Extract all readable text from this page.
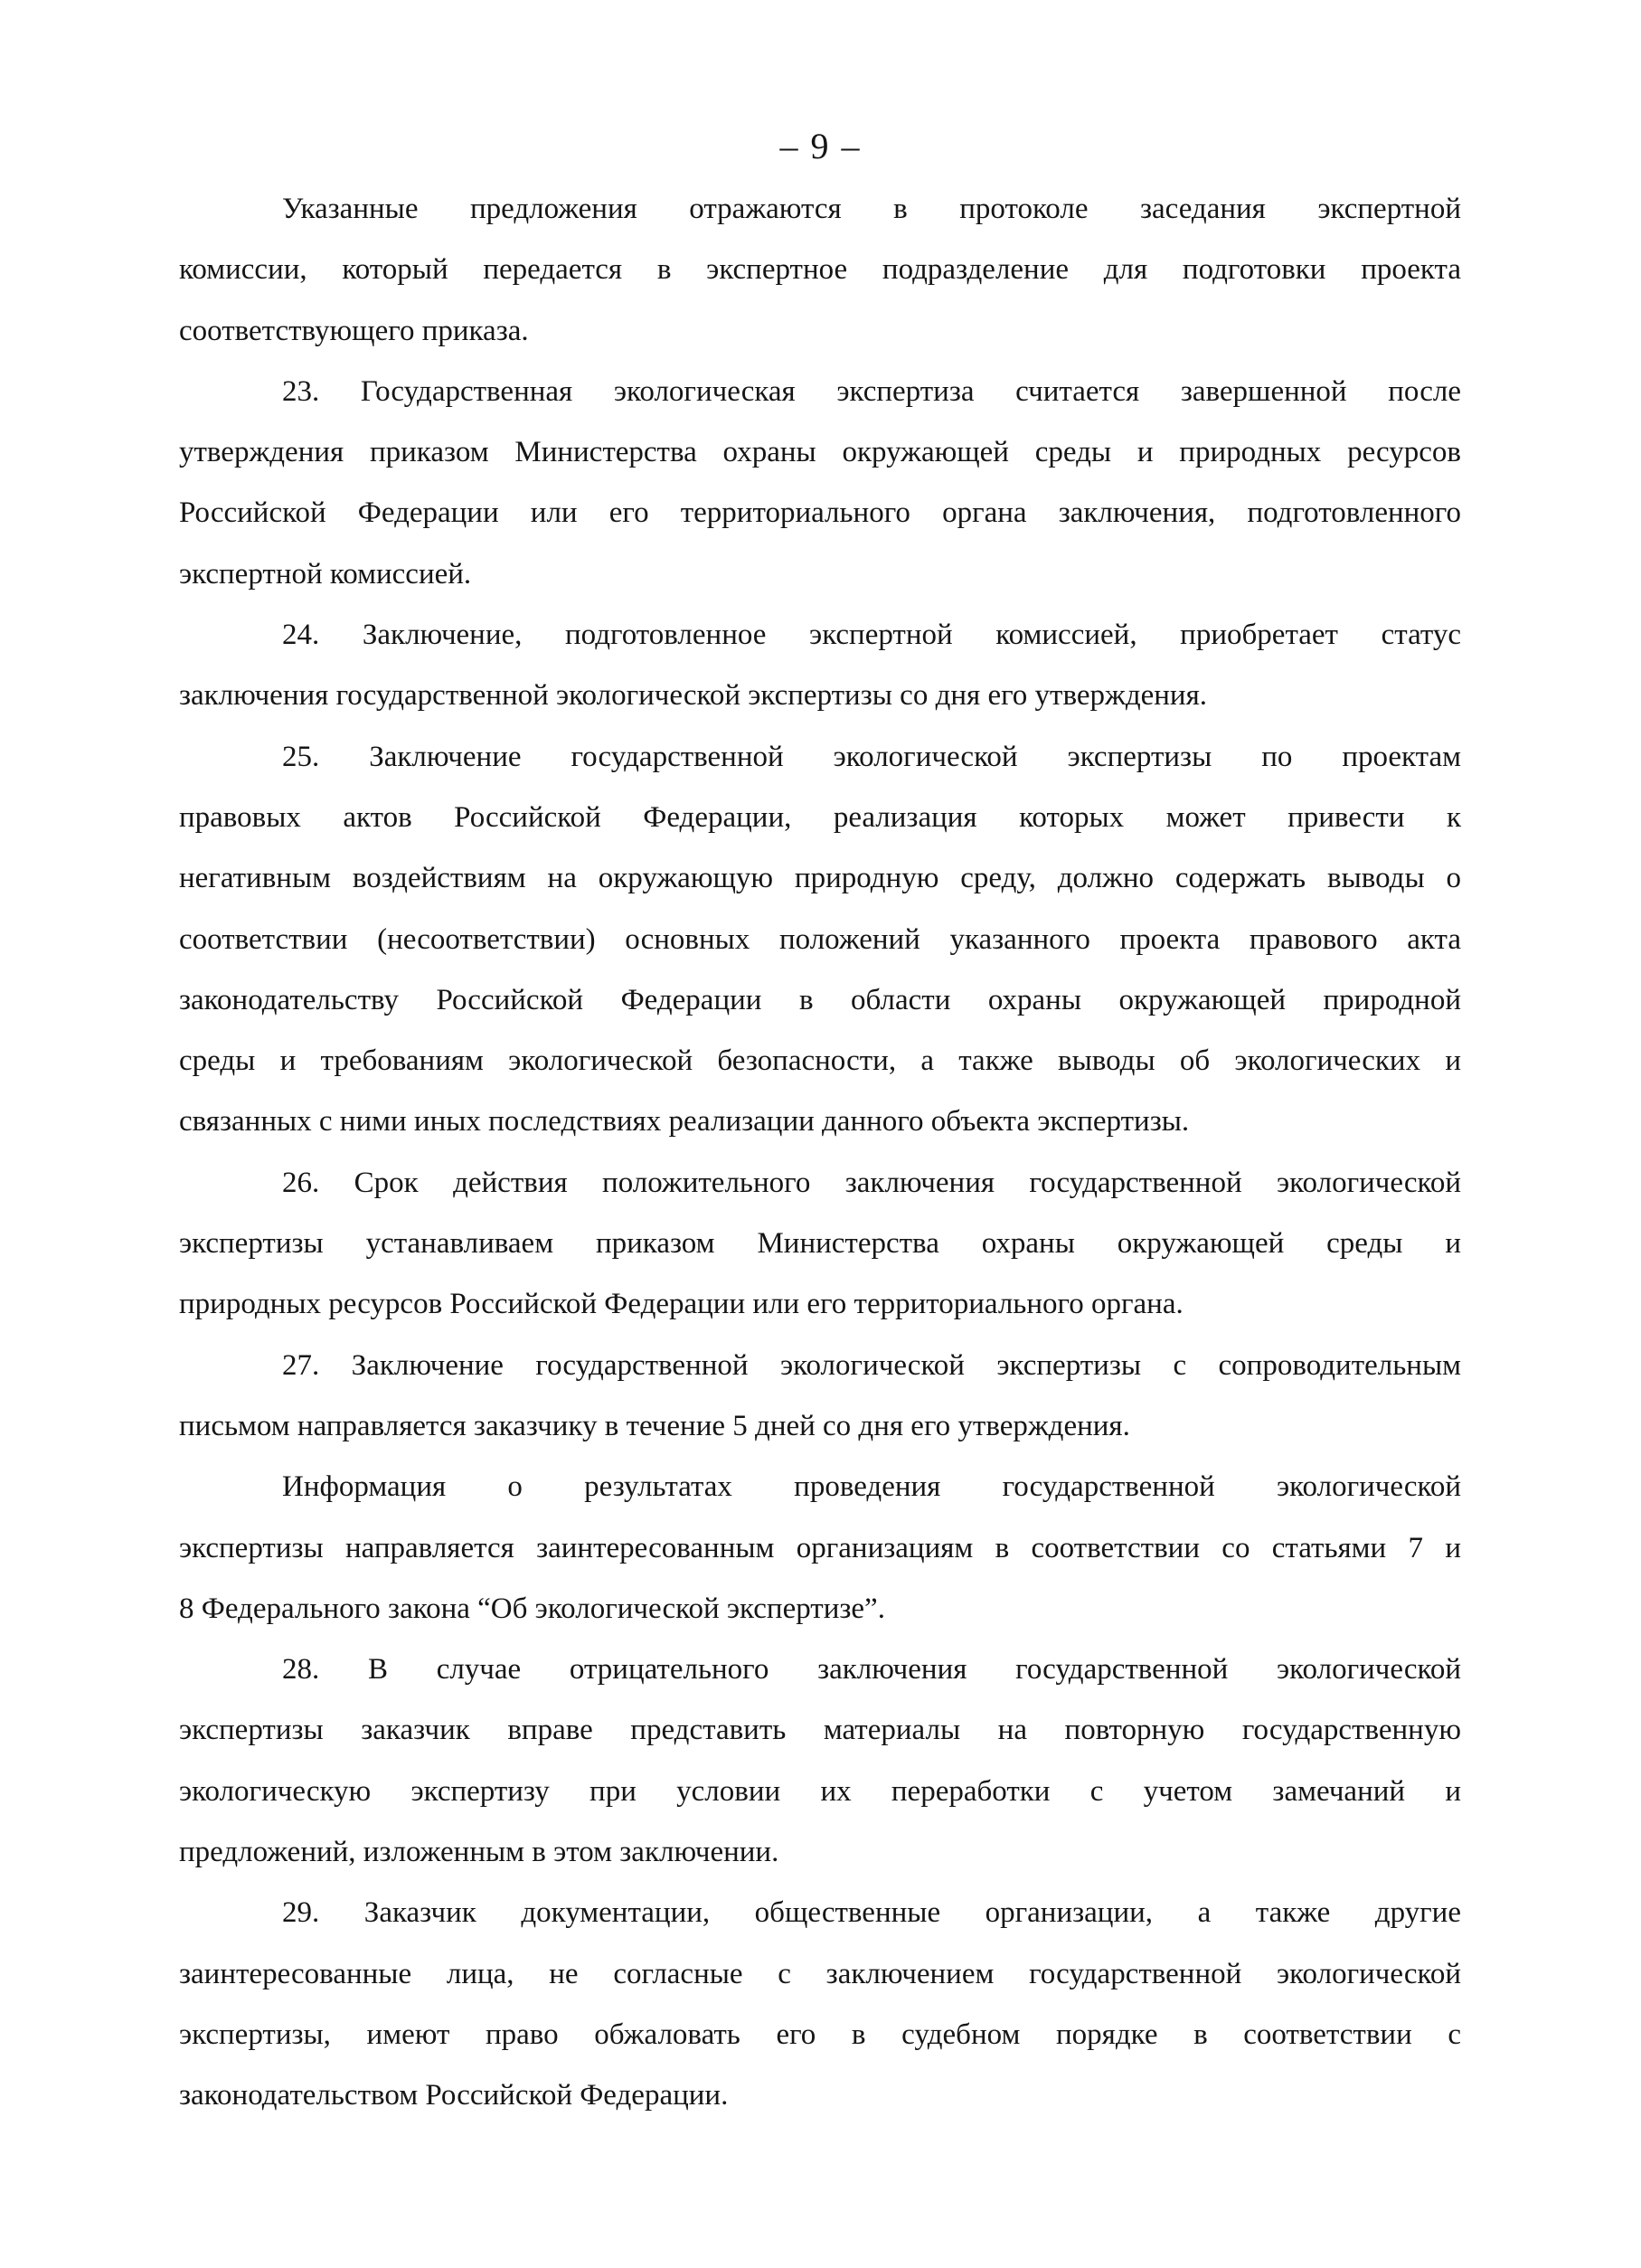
– 9 –

Указанные предложения отражаются в протоколе заседания экспертной
комиссии, который передается в экспертное подразделение для подготовки проекта
соответствующего приказа.

23. Государственная экологическая экспертиза считается завершенной после
утверждения приказом Министерства охраны окружающей среды и природных ресурсов
Российской Федерации или его территориального органа заключения, подготовленного
экспертной комиссией.

24. Заключение, подготовленное экспертной комиссией, приобретает статус
заключения государственной экологической экспертизы со дня его утверждения.

25. Заключение государственной экологической экспертизы по проектам
правовых актов Российской Федерации, реализация которых может привести к
негативным воздействиям на окружающую природную среду, должно содержать выводы о
соответствии (несоответствии) основных положений указанного проекта правового акта
законодательству Российской Федерации в области охраны окружающей природной
среды и требованиям экологической безопасности, а также выводы об экологических и
связанных с ними иных последствиях реализации данного объекта экспертизы.

26. Срок действия положительного заключения государственной экологической
экспертизы устанавливаем приказом Министерства охраны окружающей среды и
природных ресурсов Российской Федерации или его территориального органа.

27. Заключение государственной экологической экспертизы с сопроводительным
письмом направляется заказчику в течение 5 дней со дня его утверждения.

Информация о результатах проведения государственной экологической
экспертизы направляется заинтересованным организациям в соответствии со статьями 7 и
8 Федерального закона “Об экологической экспертизе”.

28. В случае отрицательного заключения государственной экологической
экспертизы заказчик вправе представить материалы на повторную государственную
экологическую экспертизу при условии их переработки с учетом замечаний и
предложений, изложенным в этом заключении.

29. Заказчик документации, общественные организации, а также другие
заинтересованные лица, не согласные с заключением государственной экологической
экспертизы, имеют право обжаловать его в судебном порядке в соответствии с
законодательством Российской Федерации.
